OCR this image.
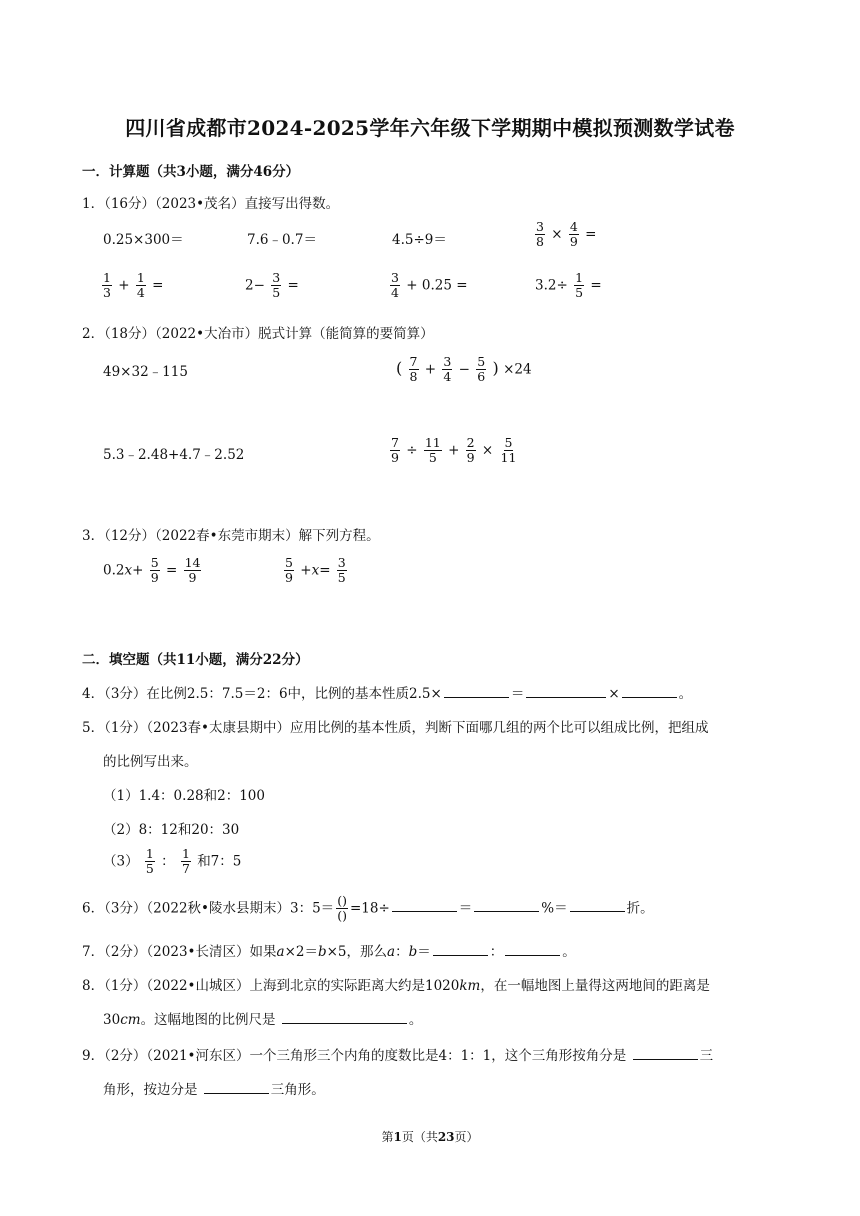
四川省成都市2024-2025学年六年级下学期期中模拟预测数学试卷
一．计算题（共3小题，满分46分）
1．（16分）（2023•茂名）直接写出得数。
0.25×300＝	7.6﹣0.7＝	4.5÷9＝	$\frac{3}{8} \times \frac{4}{9}$ =
$\frac{1}{3} + \frac{1}{4}$ =	$2- \frac{3}{5}$ =	$\frac{3}{4} + 0.25$ =	$3.2\div \frac{1}{5}$ =
2．（18分）（2022•大冶市）脱式计算（能简算的要简算）
49×32﹣115	( $\frac{7}{8} + \frac{3}{4} - \frac{5}{6}$ ) ×24
5.3﹣2.48+4.7﹣2.52	$\frac{7}{9} \div \frac{11}{5} + \frac{2}{9} \times \frac{5}{11}$
3．（12分）（2022春•东莞市期末）解下列方程。
$0.2x+ \frac{5}{9} = \frac{14}{9}$	$\frac{5}{9} +x= \frac{3}{5}$
二．填空题（共11小题，满分22分）
4．（3分）在比例2.5：7.5＝2：6中，比例的基本性质2.5×	＝	×	。
5．（1分）（2023春•太康县期中）应用比例的基本性质，判断下面哪几组的两个比可以组成比例，把组成
的比例写出来。
（1）1.4：0.28和2：100
（2）8：12和20：30
$(3) \frac{1}{5}$ ： $\frac{1}{7}$ 和7：5
6．（3分）（2022秋•陵水县期末）3：$5= \frac{()}{()} =18\div$	＝	%＝	折。
7．（2分）（2023•长清区）如果a×2＝b×5，那么a：b＝	：	。
8．（1分）（2022•山城区）上海到北京的实际距离大约是1020km，在一幅地图上量得这两地间的距离是
30cm。这幅地图的比例尺是	。
9．（2分）（2021•河东区）一个三角形三个内角的度数比是4：1：1，这个三角形按角分是	三
角形，按边分是	三角形。
第1页（共23页）
